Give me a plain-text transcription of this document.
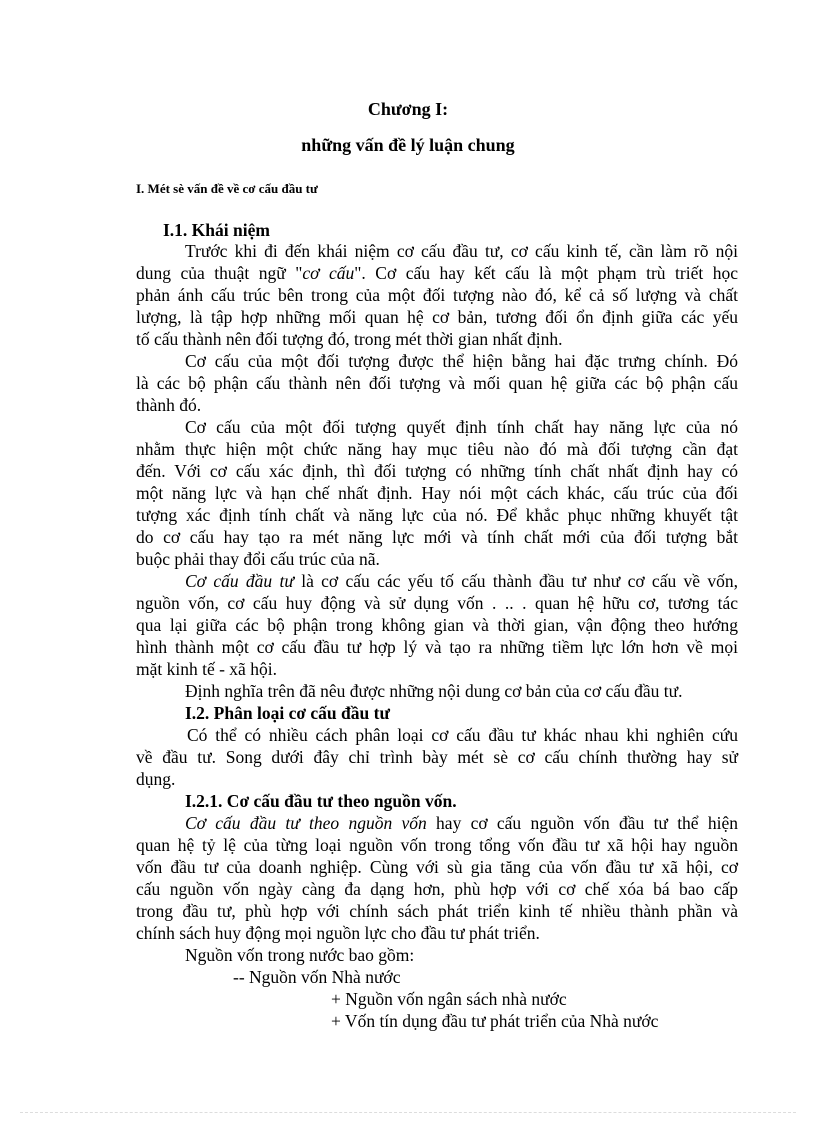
Chương I:
những vấn đề lý luận chung
I. Mét sè vấn đề về cơ cấu đầu tư
I.1. Khái niệm
Trước khi đi đến khái niệm cơ cấu đầu tư, cơ cấu kinh tế, cần làm rõ nội
dung của thuật ngữ "cơ cấu". Cơ cấu hay kết cấu là một phạm trù triết học
phản ánh cấu trúc bên trong của một đối tượng nào đó, kể cả số lượng và chất
lượng, là tập hợp những mối quan hệ cơ bản, tương đối ổn định giữa các yếu
tố cấu thành nên đối tượng đó, trong mét thời gian nhất định.
Cơ cấu của một đối tượng được thể hiện bằng hai đặc trưng chính. Đó
là các bộ phận cấu thành nên đối tượng và mối quan hệ giữa các bộ phận cấu
thành đó.
Cơ cấu của một đối tượng quyết định tính chất hay năng lực của nó
nhằm thực hiện một chức năng hay mục tiêu nào đó mà đối tượng cần đạt
đến. Với cơ cấu xác định, thì đối tượng có những tính chất nhất định hay có
một năng lực và hạn chế nhất định. Hay nói một cách khác, cấu trúc của đối
tượng xác định tính chất và năng lực của nó. Để khắc phục những khuyết tật
do cơ cấu hay tạo ra mét năng lực mới và tính chất mới của đối tượng bắt
buộc phải thay đổi cấu trúc của nã.
Cơ cấu đầu tư là cơ cấu các yếu tố cấu thành đầu tư như cơ cấu về vốn,
nguồn vốn, cơ cấu huy động và sử dụng vốn . .. . quan hệ hữu cơ, tương tác
qua lại giữa các bộ phận trong không gian và thời gian, vận động theo hướng
hình thành một cơ cấu đầu tư hợp lý và tạo ra những tiềm lực lớn hơn về mọi
mặt kinh tế - xã hội.
Định nghĩa trên đã nêu được những nội dung cơ bản của cơ cấu đầu tư.
I.2. Phân loại cơ cấu đầu tư
Có thể có nhiều cách phân loại cơ cấu đầu tư khác nhau khi nghiên cứu
về đầu tư. Song dưới đây chỉ trình bày mét sè cơ cấu chính thường hay sử
dụng.
I.2.1. Cơ cấu đầu tư theo nguồn vốn.
Cơ cấu đầu tư theo nguồn vốn hay cơ cấu nguồn vốn đầu tư thể hiện
quan hệ tỷ lệ của từng loại nguồn vốn trong tổng vốn đầu tư xã hội hay nguồn
vốn đầu tư của doanh nghiệp. Cùng với sù gia tăng của vốn đầu tư xã hội, cơ
cấu nguồn vốn ngày càng đa dạng hơn, phù hợp với cơ chế xóa bá bao cấp
trong đầu tư, phù hợp với chính sách phát triển kinh tế nhiều thành phần và
chính sách huy động mọi nguồn lực cho đầu tư phát triển.
Nguồn vốn trong nước bao gồm:
-- Nguồn vốn Nhà nước
+ Nguồn vốn ngân sách nhà nước
+ Vốn tín dụng đầu tư phát triển của Nhà nước
